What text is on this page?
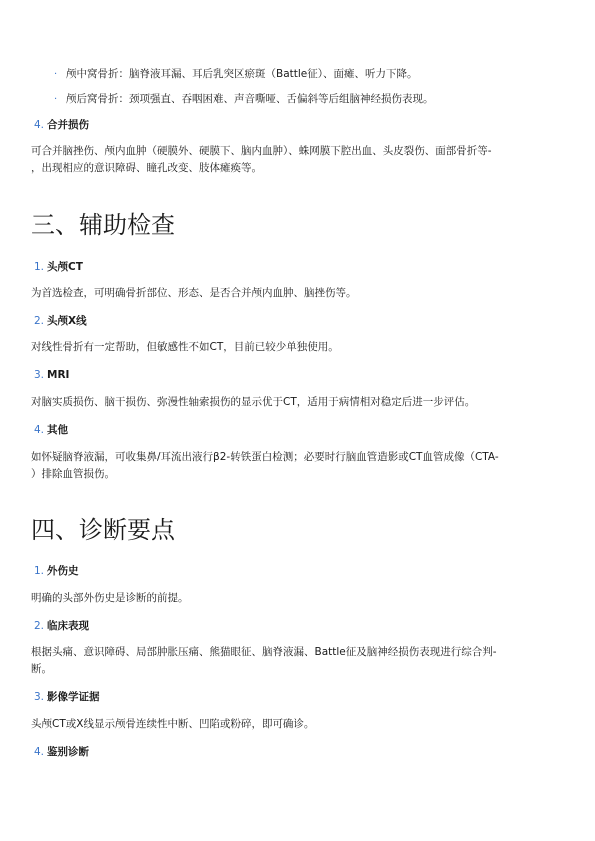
· 颅中窝骨折：脑脊液耳漏、耳后乳突区瘀斑（Battle征）、面瘫、听力下降。
· 颅后窝骨折：颈项强直、吞咽困难、声音嘶哑、舌偏斜等后组脑神经损伤表现。
4. 合并损伤
可合并脑挫伤、颅内血肿（硬膜外、硬膜下、脑内血肿）、蛛网膜下腔出血、头皮裂伤、面部骨折等-
，出现相应的意识障碍、瞳孔改变、肢体瘫痪等。
三、辅助检查
1. 头颅CT
为首选检查，可明确骨折部位、形态、是否合并颅内血肿、脑挫伤等。
2. 头颅X线
对线性骨折有一定帮助，但敏感性不如CT，目前已较少单独使用。
3. MRI
对脑实质损伤、脑干损伤、弥漫性轴索损伤的显示优于CT，适用于病情相对稳定后进一步评估。
4. 其他
如怀疑脑脊液漏，可收集鼻/耳流出液行β2-转铁蛋白检测；必要时行脑血管造影或CT血管成像（CTA-
）排除血管损伤。
四、诊断要点
1. 外伤史
明确的头部外伤史是诊断的前提。
2. 临床表现
根据头痛、意识障碍、局部肿胀压痛、熊猫眼征、脑脊液漏、Battle征及脑神经损伤表现进行综合判-
断。
3. 影像学证据
头颅CT或X线显示颅骨连续性中断、凹陷或粉碎，即可确诊。
4. 鉴别诊断
